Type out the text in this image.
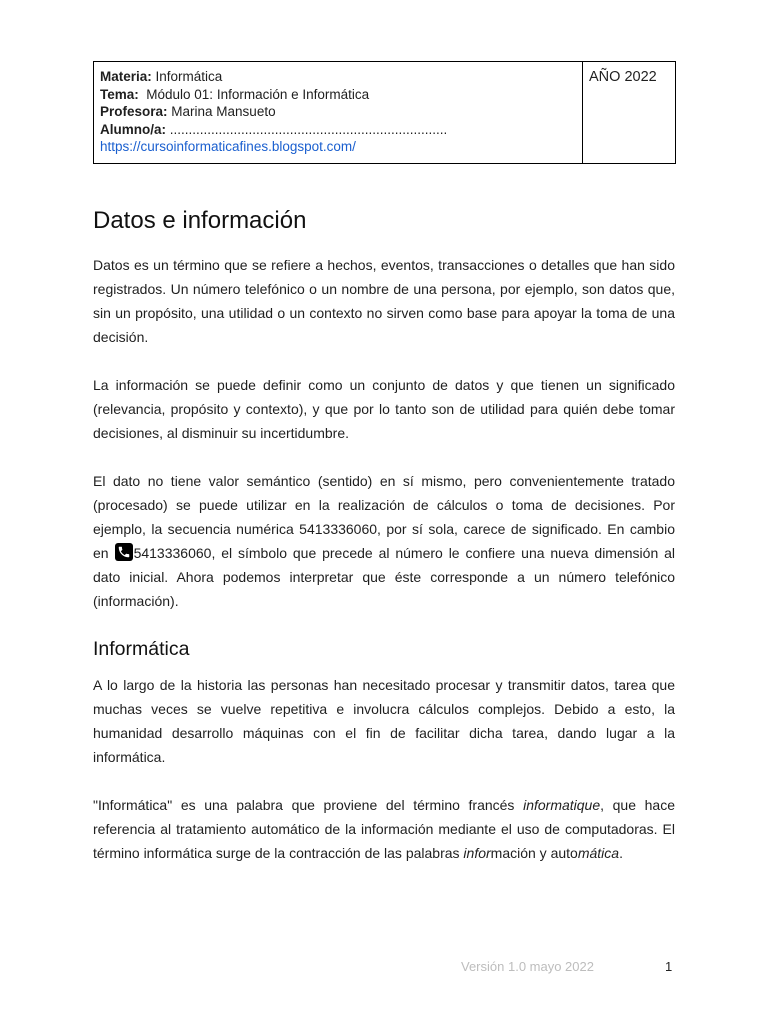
Materia: Informática
Tema:  Módulo 01: Información e Informática
Profesora: Marina Mansueto
Alumno/a: ..........................................................................
https://cursoinformaticafines.blogspot.com/
	AÑO 2022
Datos e información

Datos es un término que se refiere a hechos, eventos, transacciones o detalles que han sido registrados. Un número telefónico o un nombre de una persona, por ejemplo, son datos que, sin un propósito, una utilidad o un contexto no sirven como base para apoyar la toma de una decisión.

La información se puede definir como un conjunto de datos y que tienen un significado (relevancia, propósito y contexto), y que por lo tanto son de utilidad para quién debe tomar decisiones, al disminuir su incertidumbre.

El dato no tiene valor semántico (sentido) en sí mismo, pero convenientemente tratado (procesado) se puede utilizar en la realización de cálculos o toma de decisiones. Por ejemplo, la secuencia numérica 5413336060, por sí sola, carece de significado. En cambio en 5413336060, el símbolo que precede al número le confiere una nueva dimensión al dato inicial. Ahora podemos interpretar que éste corresponde a un número telefónico (información).

Informática

A lo largo de la historia las personas han necesitado procesar y transmitir datos, tarea que muchas veces se vuelve repetitiva e involucra cálculos complejos. Debido a esto, la humanidad desarrollo máquinas con el fin de facilitar dicha tarea, dando lugar a la informática.

"Informática" es una palabra que proviene del término francés informatique, que hace referencia al tratamiento automático de la información mediante el uso de computadoras. El término informática surge de la contracción de las palabras información y automática.

Versión 1.0 mayo 2022	1
